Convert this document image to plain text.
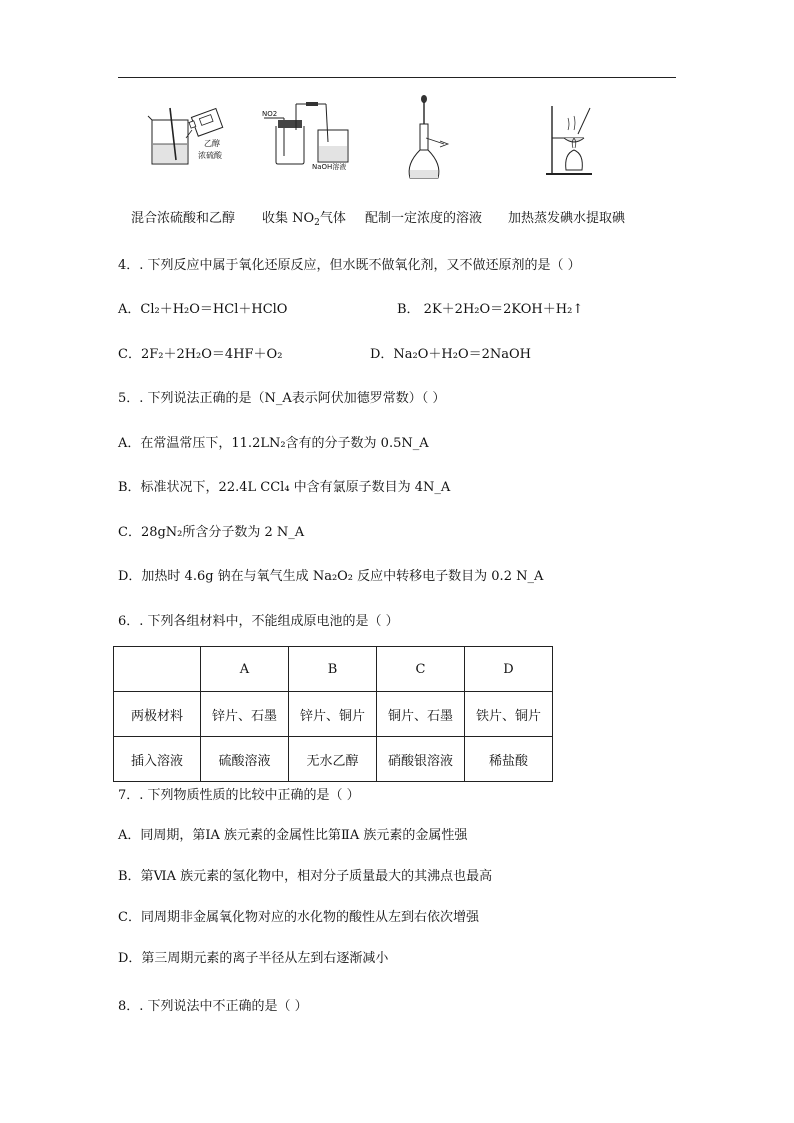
乙醇
浓硫酸
NO2
NaOH溶液
混合浓硫酸和乙醇 收集 $NO_2$气体 配制一定浓度的溶液 加热蒸发碘水提取碘
4．. 下列反应中属于氧化还原反应，但水既不做氧化剂，又不做还原剂的是（ ）
A．Cl₂＋H₂O＝HCl＋HClO	B． 2K＋2H₂O＝2KOH＋H₂↑
C．2F₂＋2H₂O＝4HF＋O₂	D．Na₂O＋H₂O＝2NaOH
5．. 下列说法正确的是（N_A表示阿伏加德罗常数）（ ）
A．在常温常压下，11.2LN₂含有的分子数为 0.5N_A
B．标准状况下，22.4L CCl₄ 中含有氯原子数目为 4N_A
C．28gN₂所含分子数为 2 N_A
D．加热时 4.6g 钠在与氧气生成 Na₂O₂ 反应中转移电子数目为 0.2 N_A
6．. 下列各组材料中，不能组成原电池的是（ ）
	A	B	C	D
两极材料	锌片、石墨	锌片、铜片	铜片、石墨	铁片、铜片
插入溶液	硫酸溶液	无水乙醇	硝酸银溶液	稀盐酸
7．. 下列物质性质的比较中正确的是（ ）
A．同周期，第ⅠA 族元素的金属性比第ⅡA 族元素的金属性强
B．第ⅥA 族元素的氢化物中，相对分子质量最大的其沸点也最高
C．同周期非金属氧化物对应的水化物的酸性从左到右依次增强
D．第三周期元素的离子半径从左到右逐渐减小
8．. 下列说法中不正确的是（ ）
